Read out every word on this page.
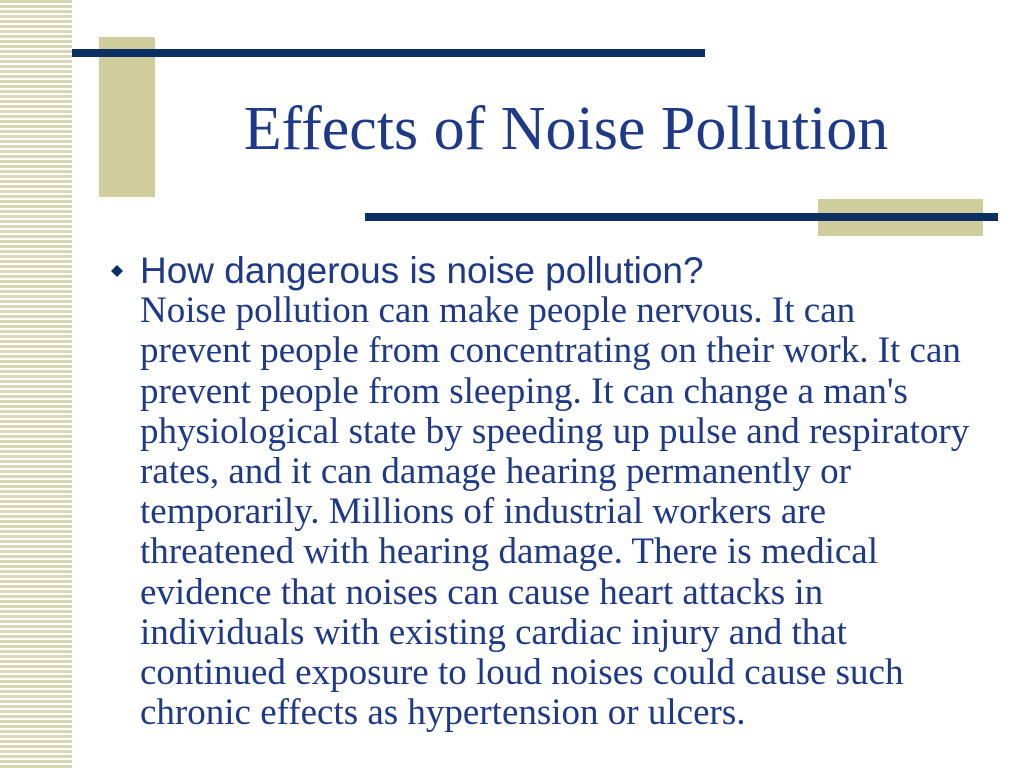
Effects of Noise Pollution
How dangerous is noise pollution?
Noise pollution can make people nervous. It can
prevent people from concentrating on their work. It can
prevent people from sleeping. It can change a man's
physiological state by speeding up pulse and respiratory
rates, and it can damage hearing permanently or
temporarily. Millions of industrial workers are
threatened with hearing damage. There is medical
evidence that noises can cause heart attacks in
individuals with existing cardiac injury and that
continued exposure to loud noises could cause such
chronic effects as hypertension or ulcers.
